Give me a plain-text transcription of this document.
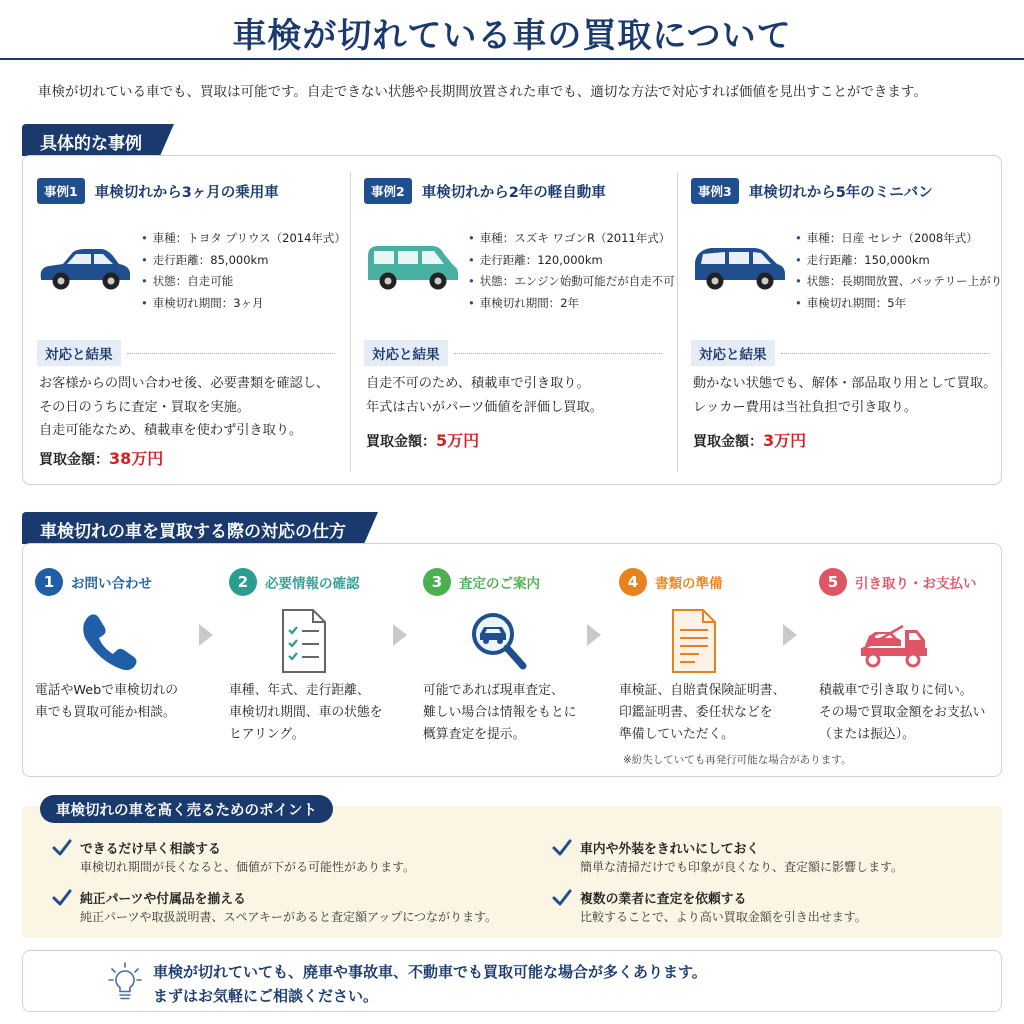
車検が切れている車の買取について
車検が切れている車でも、買取は可能です。自走できない状態や長期間放置された車でも、適切な方法で対応すれば価値を見出すことができます。
具体的な事例
事例1	車検切れから3ヶ月の乗用車
• 車種：トヨタ プリウス（2014年式）
• 走行距離：85,000km
• 状態：自走可能
• 車検切れ期間：3ヶ月
対応と結果
お客様からの問い合わせ後、必要書類を確認し、
その日のうちに査定・買取を実施。
自走可能なため、積載車を使わず引き取り。
買取金額：38万円
事例2	車検切れから2年の軽自動車
• 車種：スズキ ワゴンR（2011年式）
• 走行距離：120,000km
• 状態：エンジン始動可能だが自走不可
• 車検切れ期間：2年
対応と結果
自走不可のため、積載車で引き取り。
年式は古いがパーツ価値を評価し買取。
買取金額：5万円
事例3	車検切れから5年のミニバン
• 車種：日産 セレナ（2008年式）
• 走行距離：150,000km
• 状態：長期間放置、バッテリー上がり
• 車検切れ期間：5年
対応と結果
動かない状態でも、解体・部品取り用として買取。
レッカー費用は当社負担で引き取り。
買取金額：3万円
車検切れの車を買取する際の対応の仕方
※紛失していても再発行可能な場合があります。
1	お問い合わせ
電話やWebで車検切れの
車でも買取可能か相談。
2	必要情報の確認
車種、年式、走行距離、
車検切れ期間、車の状態を
ヒアリング。
3	査定のご案内
可能であれば現車査定、
難しい場合は情報をもとに
概算査定を提示。
4	書類の準備
車検証、自賠責保険証明書、
印鑑証明書、委任状などを
準備していただく。
5	引き取り・お支払い
積載車で引き取りに伺い。
その場で買取金額をお支払い
（または振込）。
できるだけ早く相談する
車検切れ期間が長くなると、価値が下がる可能性があります。
車内や外装をきれいにしておく
簡単な清掃だけでも印象が良くなり、査定額に影響します。
純正パーツや付属品を揃える
純正パーツや取扱説明書、スペアキーがあると査定額アップにつながります。
複数の業者に査定を依頼する
比較することで、より高い買取金額を引き出せます。
車検切れの車を高く売るためのポイント
車検が切れていても、廃車や事故車、不動車でも買取可能な場合が多くあります。
まずはお気軽にご相談ください。
